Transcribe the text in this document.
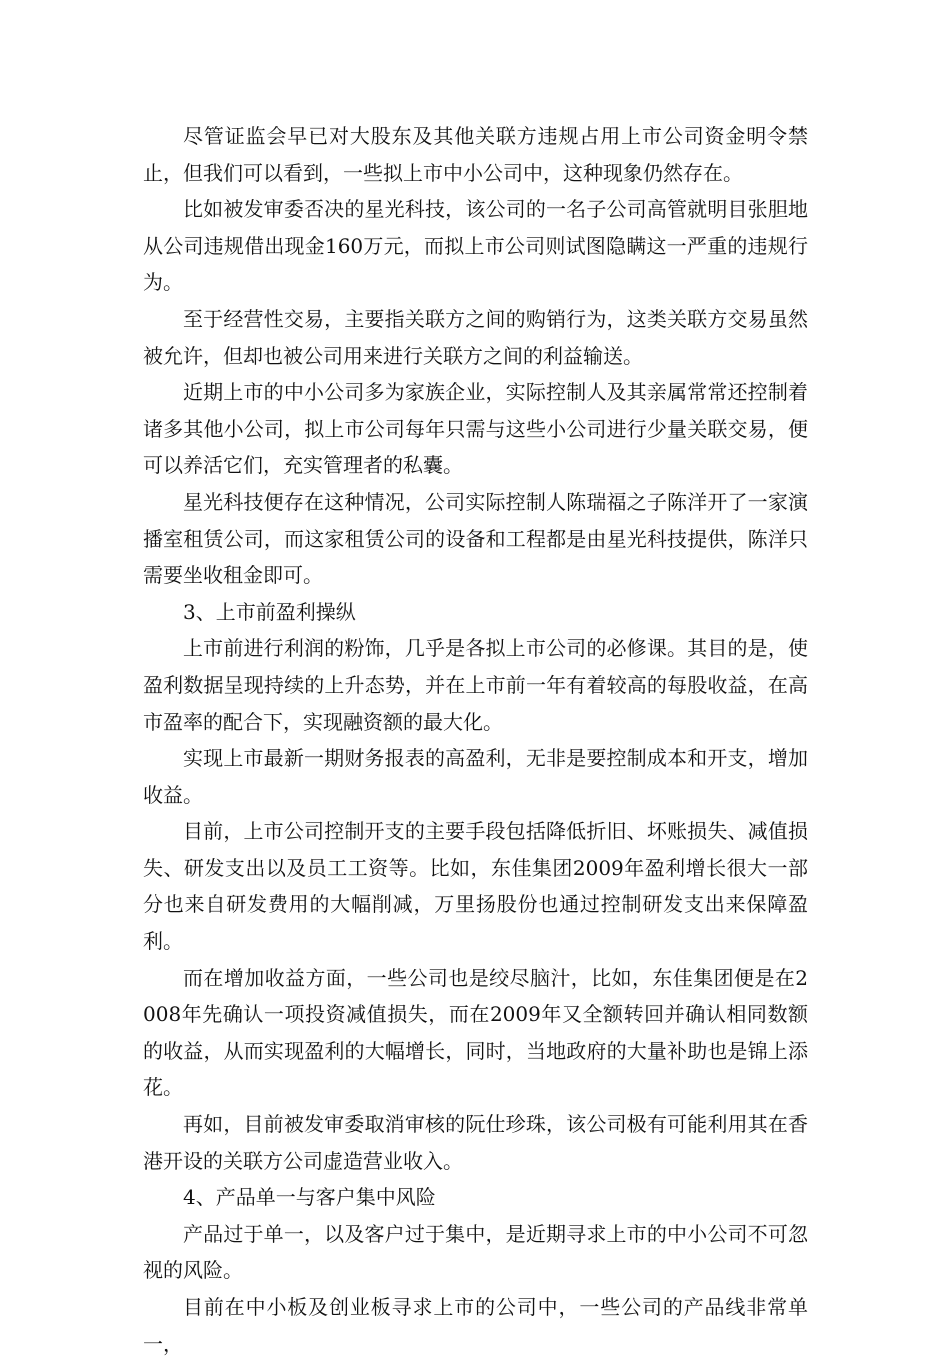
尽管证监会早已对大股东及其他关联方违规占用上市公司资金明令禁止，但我们可以看到，一些拟上市中小公司中，这种现象仍然存在。

比如被发审委否决的星光科技，该公司的一名子公司高管就明目张胆地从公司违规借出现金160万元，而拟上市公司则试图隐瞒这一严重的违规行为。

至于经营性交易，主要指关联方之间的购销行为，这类关联方交易虽然被允许，但却也被公司用来进行关联方之间的利益输送。

近期上市的中小公司多为家族企业，实际控制人及其亲属常常还控制着诸多其他小公司，拟上市公司每年只需与这些小公司进行少量关联交易，便可以养活它们，充实管理者的私囊。

星光科技便存在这种情况，公司实际控制人陈瑞福之子陈洋开了一家演播室租赁公司，而这家租赁公司的设备和工程都是由星光科技提供，陈洋只需要坐收租金即可。

3、上市前盈利操纵

上市前进行利润的粉饰，几乎是各拟上市公司的必修课。其目的是，使盈利数据呈现持续的上升态势，并在上市前一年有着较高的每股收益，在高市盈率的配合下，实现融资额的最大化。

实现上市最新一期财务报表的高盈利，无非是要控制成本和开支，增加收益。

目前，上市公司控制开支的主要手段包括降低折旧、坏账损失、减值损失、研发支出以及员工工资等。比如，东佳集团2009年盈利增长很大一部分也来自研发费用的大幅削减，万里扬股份也通过控制研发支出来保障盈利。

而在增加收益方面，一些公司也是绞尽脑汁，比如，东佳集团便是在2008年先确认一项投资减值损失，而在2009年又全额转回并确认相同数额的收益，从而实现盈利的大幅增长，同时，当地政府的大量补助也是锦上添花。

再如，目前被发审委取消审核的阮仕珍珠，该公司极有可能利用其在香港开设的关联方公司虚造营业收入。

4、产品单一与客户集中风险

产品过于单一，以及客户过于集中，是近期寻求上市的中小公司不可忽视的风险。

目前在中小板及创业板寻求上市的公司中，一些公司的产品线非常单一，
